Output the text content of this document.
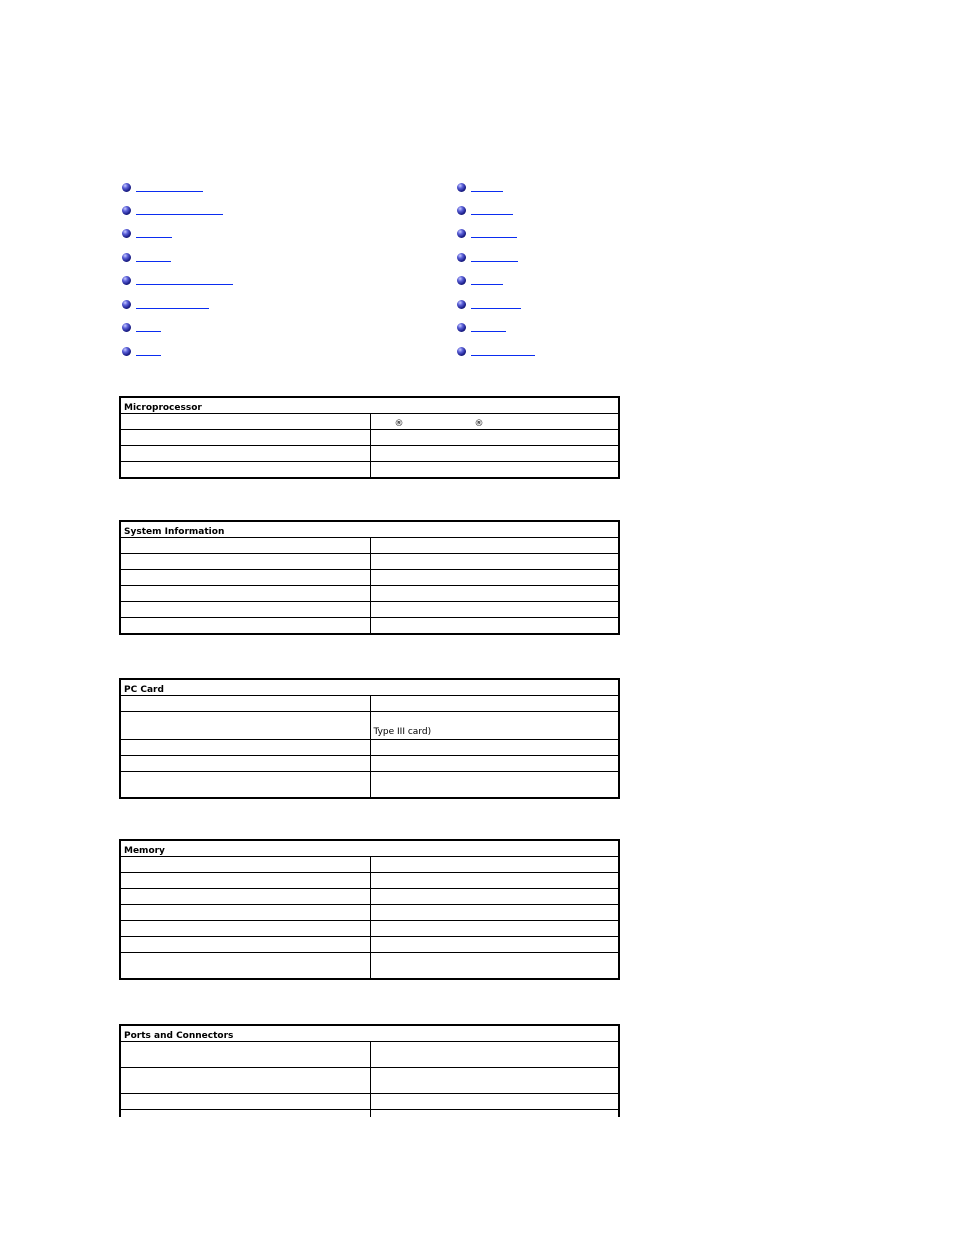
Microprocessor	
	® ®

System Information	

PC Card	

	Type III card)

Memory	

Ports and Connectors	
